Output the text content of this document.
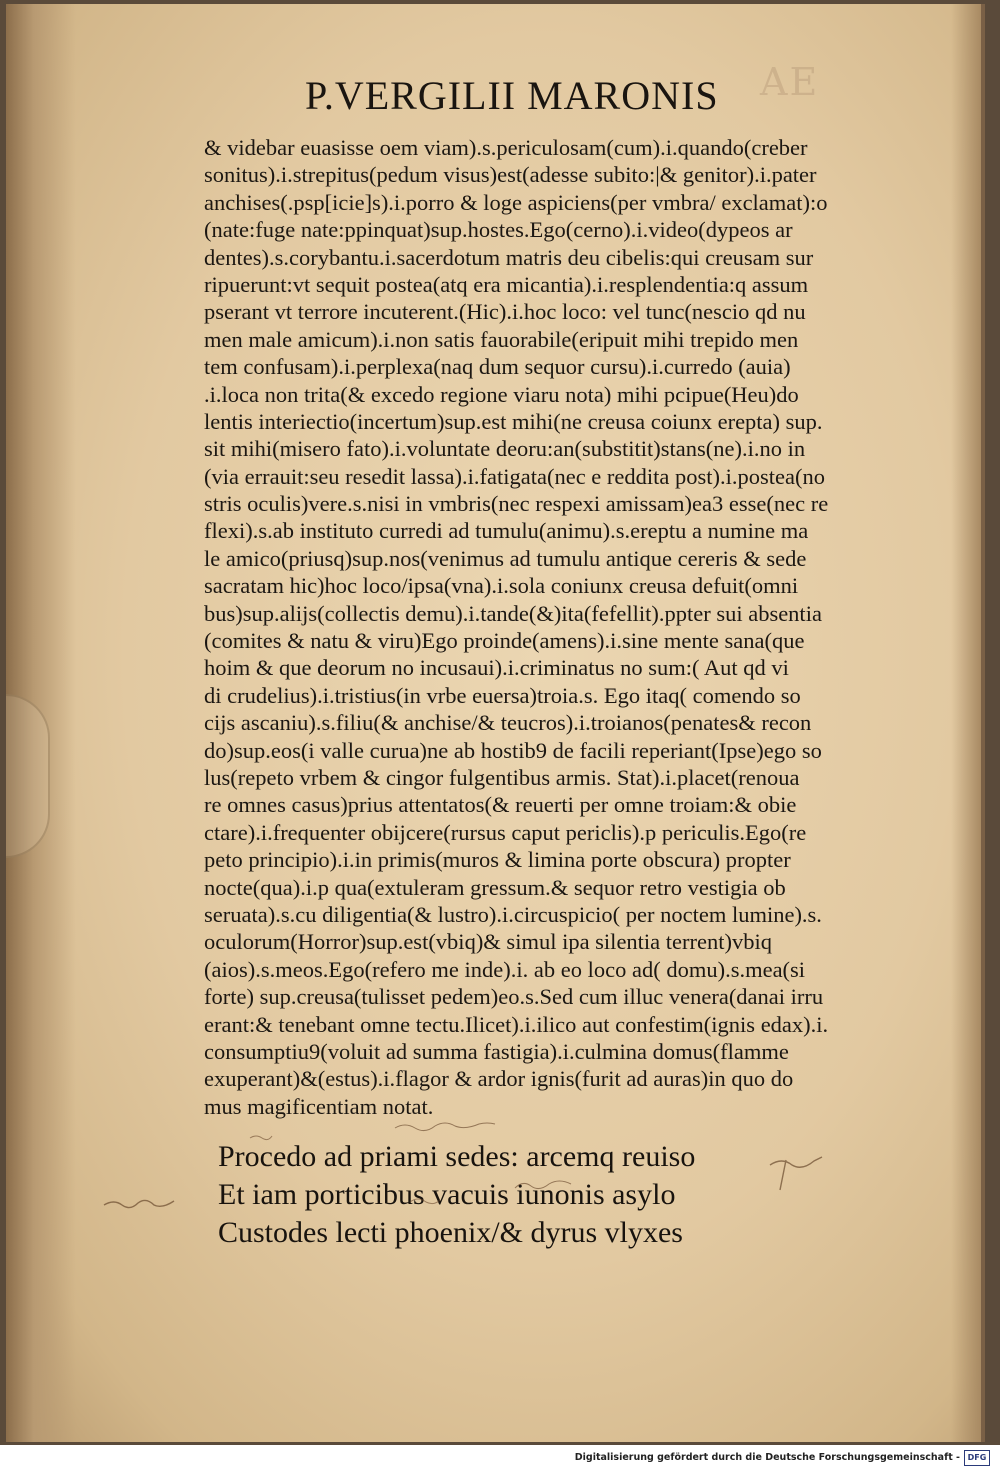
AE
P.VERGILII MARONIS
& videbar euasisse oem viam).s.periculosam(cum).i.quando(creber
sonitus).i.strepitus(pedum visus)est(adesse subito:|& genitor).i.pater
anchises(.psp[icie]s).i.porro & loge aspiciens(per vmbra/ exclamat):o
(nate:fuge nate:ppinquat)sup.hostes.Ego(cerno).i.video(dypeos ar
dentes).s.corybantu.i.sacerdotum matris deu cibelis:qui creusam sur
ripuerunt:vt sequit postea(atq era micantia).i.resplendentia:q assum
pserant vt terrore incuterent.(Hic).i.hoc loco: vel tunc(nescio qd nu
men male amicum).i.non satis fauorabile(eripuit mihi trepido men
tem confusam).i.perplexa(naq dum sequor cursu).i.curredo (auia)
.i.loca non trita(& excedo regione viaru nota) mihi pcipue(Heu)do
lentis interiectio(incertum)sup.est mihi(ne creusa coiunx erepta) sup.
sit mihi(misero fato).i.voluntate deoru:an(substitit)stans(ne).i.no in
(via errauit:seu resedit lassa).i.fatigata(nec e reddita post).i.postea(no
stris oculis)vere.s.nisi in vmbris(nec respexi amissam)ea3 esse(nec re
flexi).s.ab instituto curredi ad tumulu(animu).s.ereptu a numine ma
le amico(priusq)sup.nos(venimus ad tumulu antique cereris & sede
sacratam hic)hoc loco/ipsa(vna).i.sola coniunx creusa defuit(omni
bus)sup.alijs(collectis demu).i.tande(&)ita(fefellit).ppter sui absentia
(comites & natu & viru)Ego proinde(amens).i.sine mente sana(que
hoim & que deorum no incusaui).i.criminatus no sum:( Aut qd vi
di crudelius).i.tristius(in vrbe euersa)troia.s. Ego itaq( comendo so
cijs ascaniu).s.filiu(& anchise/& teucros).i.troianos(penates& recon
do)sup.eos(i valle curua)ne ab hostib9 de facili reperiant(Ipse)ego so
lus(repeto vrbem & cingor fulgentibus armis. Stat).i.placet(renoua
re omnes casus)prius attentatos(& reuerti per omne troiam:& obie
ctare).i.frequenter obijcere(rursus caput periclis).p periculis.Ego(re
peto principio).i.in primis(muros & limina porte obscura) propter
nocte(qua).i.p qua(extuleram gressum.& sequor retro vestigia ob
seruata).s.cu diligentia(& lustro).i.circuspicio( per noctem lumine).s.
oculorum(Horror)sup.est(vbiq)& simul ipa silentia terrent)vbiq
(aios).s.meos.Ego(refero me inde).i. ab eo loco ad( domu).s.mea(si
forte) sup.creusa(tulisset pedem)eo.s.Sed cum illuc venera(danai irru
erant:& tenebant omne tectu.Ilicet).i.ilico aut confestim(ignis edax).i.
consumptiu9(voluit ad summa fastigia).i.culmina domus(flamme
exuperant)&(estus).i.flagor & ardor ignis(furit ad auras)in quo do
mus magificentiam notat.
Procedo ad priami sedes: arcemq reuiso
Et iam porticibus vacuis iunonis asylo
Custodes lecti phoenix/& dyrus vlyxes
Digitalisierung gefördert durch die Deutsche Forschungsgemeinschaft - DFG
